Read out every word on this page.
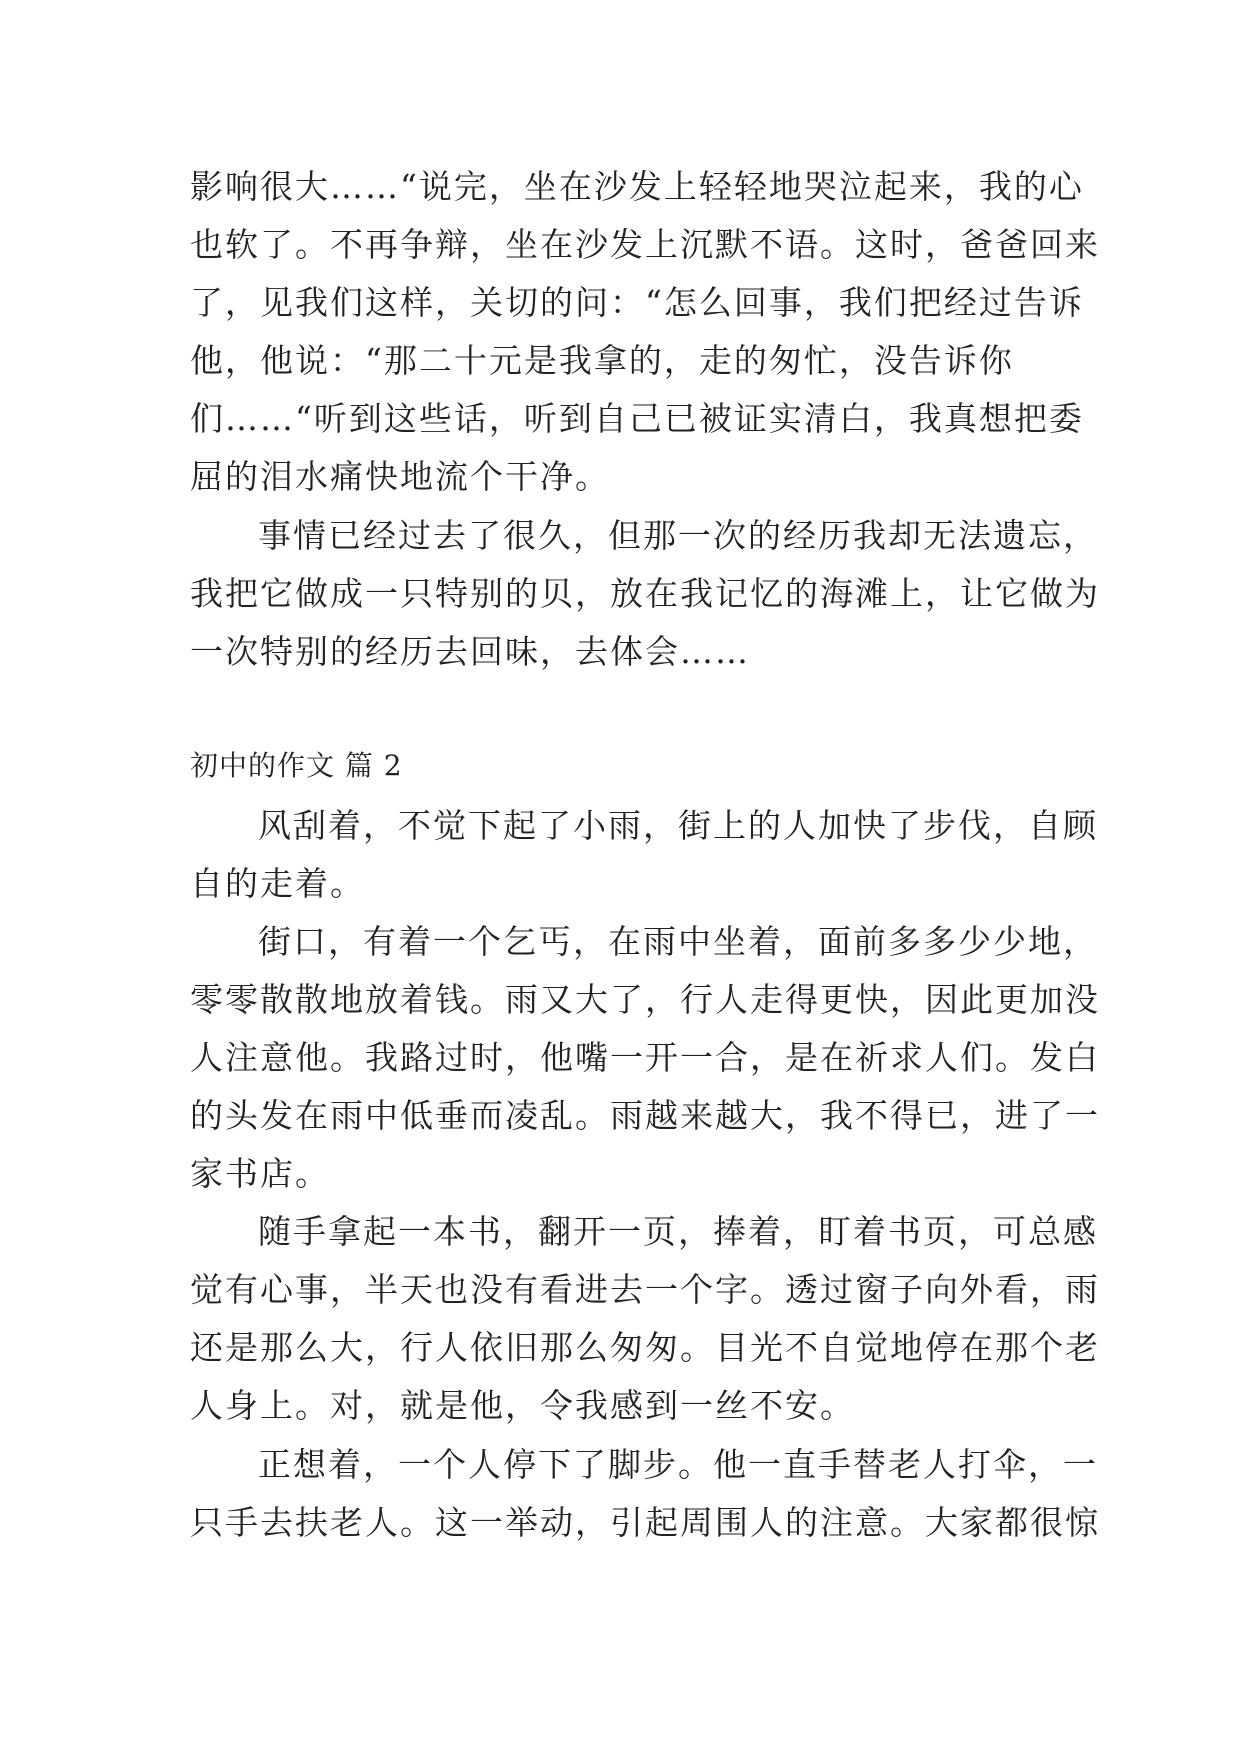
影响很大……“说完，坐在沙发上轻轻地哭泣起来，我的心
也软了。不再争辩，坐在沙发上沉默不语。这时，爸爸回来
了，见我们这样，关切的问：“怎么回事，我们把经过告诉
他，他说：“那二十元是我拿的，走的匆忙，没告诉你
们……“听到这些话，听到自己已被证实清白，我真想把委
屈的泪水痛快地流个干净。
事情已经过去了很久，但那一次的经历我却无法遗忘，
我把它做成一只特别的贝，放在我记忆的海滩上，让它做为
一次特别的经历去回味，去体会……
初中的作文 篇 2
风刮着，不觉下起了小雨，街上的人加快了步伐，自顾
自的走着。
街口，有着一个乞丐，在雨中坐着，面前多多少少地，
零零散散地放着钱。雨又大了，行人走得更快，因此更加没
人注意他。我路过时，他嘴一开一合，是在祈求人们。发白
的头发在雨中低垂而凌乱。雨越来越大，我不得已，进了一
家书店。
随手拿起一本书，翻开一页，捧着，盯着书页，可总感
觉有心事，半天也没有看进去一个字。透过窗子向外看，雨
还是那么大，行人依旧那么匆匆。目光不自觉地停在那个老
人身上。对，就是他，令我感到一丝不安。
正想着，一个人停下了脚步。他一直手替老人打伞，一
只手去扶老人。这一举动，引起周围人的注意。大家都很惊
